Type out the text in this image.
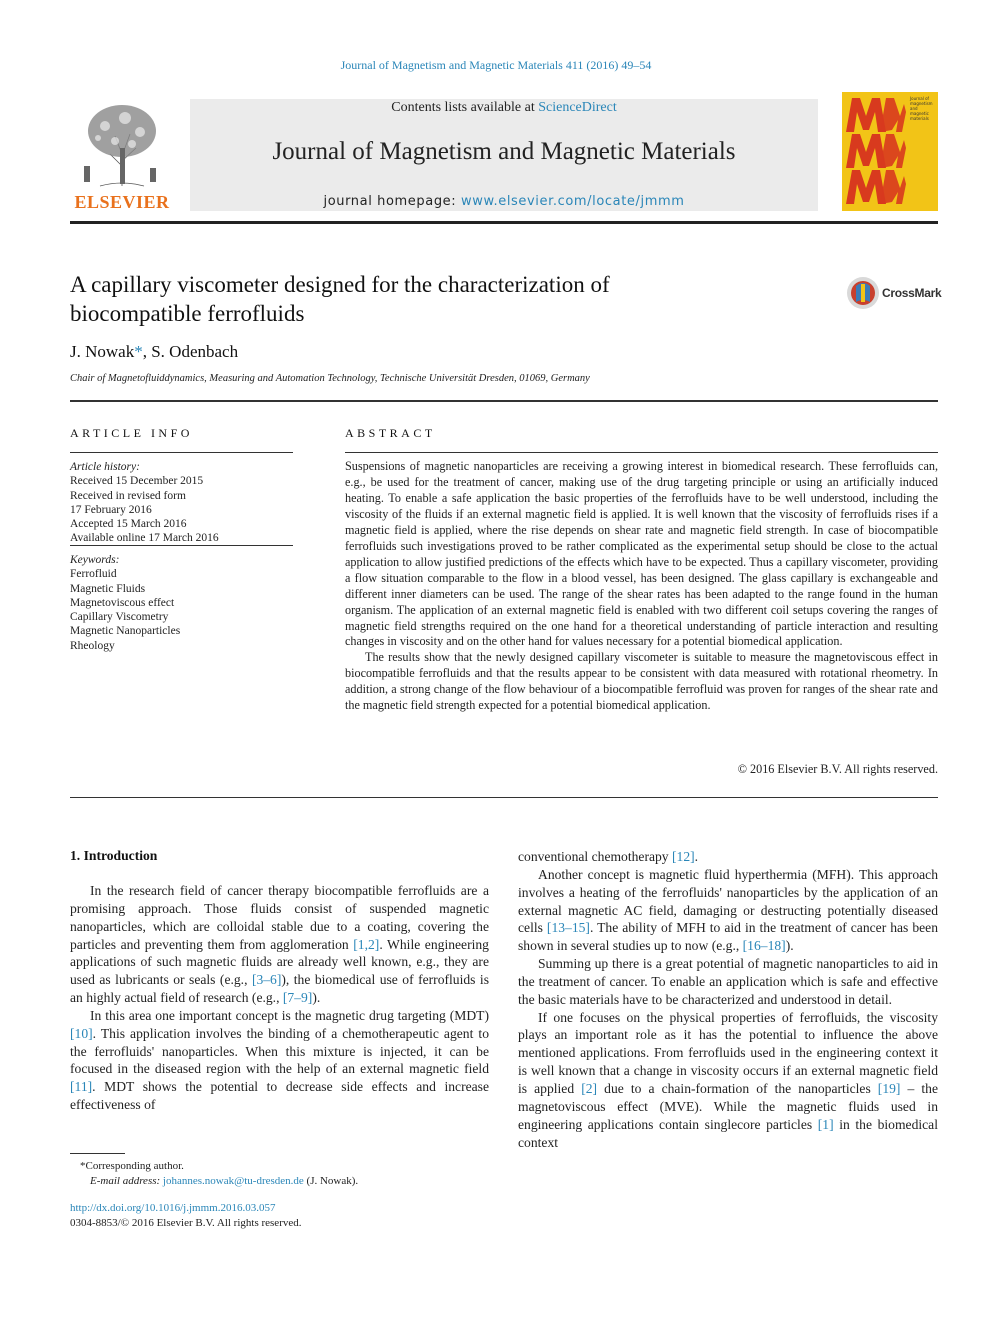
Journal of Magnetism and Magnetic Materials 411 (2016) 49–54
ELSEVIER
Contents lists available at ScienceDirect
Journal of Magnetism and Magnetic Materials
journal homepage: www.elsevier.com/locate/jmmm
Journal of magnetism and magnetic materials
A capillary viscometer designed for the characterization of
biocompatible ferrofluids
CrossMark
J. Nowak*, S. Odenbach
Chair of Magnetofluiddynamics, Measuring and Automation Technology, Technische Universität Dresden, 01069, Germany
ARTICLE INFO
Article history:
Received 15 December 2015
Received in revised form
17 February 2016
Accepted 15 March 2016
Available online 17 March 2016
Keywords:
Ferrofluid
Magnetic Fluids
Magnetoviscous effect
Capillary Viscometry
Magnetic Nanoparticles
Rheology
ABSTRACT

Suspensions of magnetic nanoparticles are receiving a growing interest in biomedical research. These ferrofluids can, e.g., be used for the treatment of cancer, making use of the drug targeting principle or using an artificially induced heating. To enable a safe application the basic properties of the ferrofluids have to be well understood, including the viscosity of the fluids if an external magnetic field is applied. It is well known that the viscosity of ferrofluids rises if a magnetic field is applied, where the rise depends on shear rate and magnetic field strength. In case of biocompatible ferrofluids such investigations proved to be rather complicated as the experimental setup should be close to the actual application to allow justified predictions of the effects which have to be expected. Thus a capillary viscometer, providing a flow situation comparable to the flow in a blood vessel, has been designed. The glass capillary is exchangeable and different inner diameters can be used. The range of the shear rates has been adapted to the range found in the human organism. The application of an external magnetic field is enabled with two different coil setups covering the ranges of magnetic field strengths required on the one hand for a theoretical understanding of particle interaction and resulting changes in viscosity and on the other hand for values necessary for a potential biomedical application.

The results show that the newly designed capillary viscometer is suitable to measure the magnetoviscous effect in biocompatible ferrofluids and that the results appear to be consistent with data measured with rotational rheometry. In addition, a strong change of the flow behaviour of a biocompatible ferrofluid was proven for ranges of the shear rate and the magnetic field strength expected for a potential biomedical application.

© 2016 Elsevier B.V. All rights reserved.
1. Introduction

In the research field of cancer therapy biocompatible ferrofluids are a promising approach. Those fluids consist of suspended magnetic nanoparticles, which are colloidal stable due to a coating, covering the particles and preventing them from agglomeration [1,2]. While engineering applications of such magnetic fluids are already well known, e.g., they are used as lubricants or seals (e.g., [3–6]), the biomedical use of ferrofluids is an highly actual field of research (e.g., [7–9]).

In this area one important concept is the magnetic drug targeting (MDT) [10]. This application involves the binding of a chemotherapeutic agent to the ferrofluids' nanoparticles. When this mixture is injected, it can be focused in the diseased region with the help of an external magnetic field [11]. MDT shows the potential to decrease side effects and increase effectiveness of

conventional chemotherapy [12].

Another concept is magnetic fluid hyperthermia (MFH). This approach involves a heating of the ferrofluids' nanoparticles by the application of an external magnetic AC field, damaging or destructing potentially diseased cells [13–15]. The ability of MFH to aid in the treatment of cancer has been shown in several studies up to now (e.g., [16–18]).

Summing up there is a great potential of magnetic nanoparticles to aid in the treatment of cancer. To enable an application which is safe and effective the basic materials have to be characterized and understood in detail.

If one focuses on the physical properties of ferrofluids, the viscosity plays an important role as it has the potential to influence the above mentioned applications. From ferrofluids used in the engineering context it is well known that a change in viscosity occurs if an external magnetic field is applied [2] due to a chain-formation of the nanoparticles [19] – the magnetoviscous effect (MVE). While the magnetic fluids used in engineering applications contain singlecore particles [1] in the biomedical context

*Corresponding author.
E-mail address: johannes.nowak@tu-dresden.de (J. Nowak).
http://dx.doi.org/10.1016/j.jmmm.2016.03.057
0304-8853/© 2016 Elsevier B.V. All rights reserved.
